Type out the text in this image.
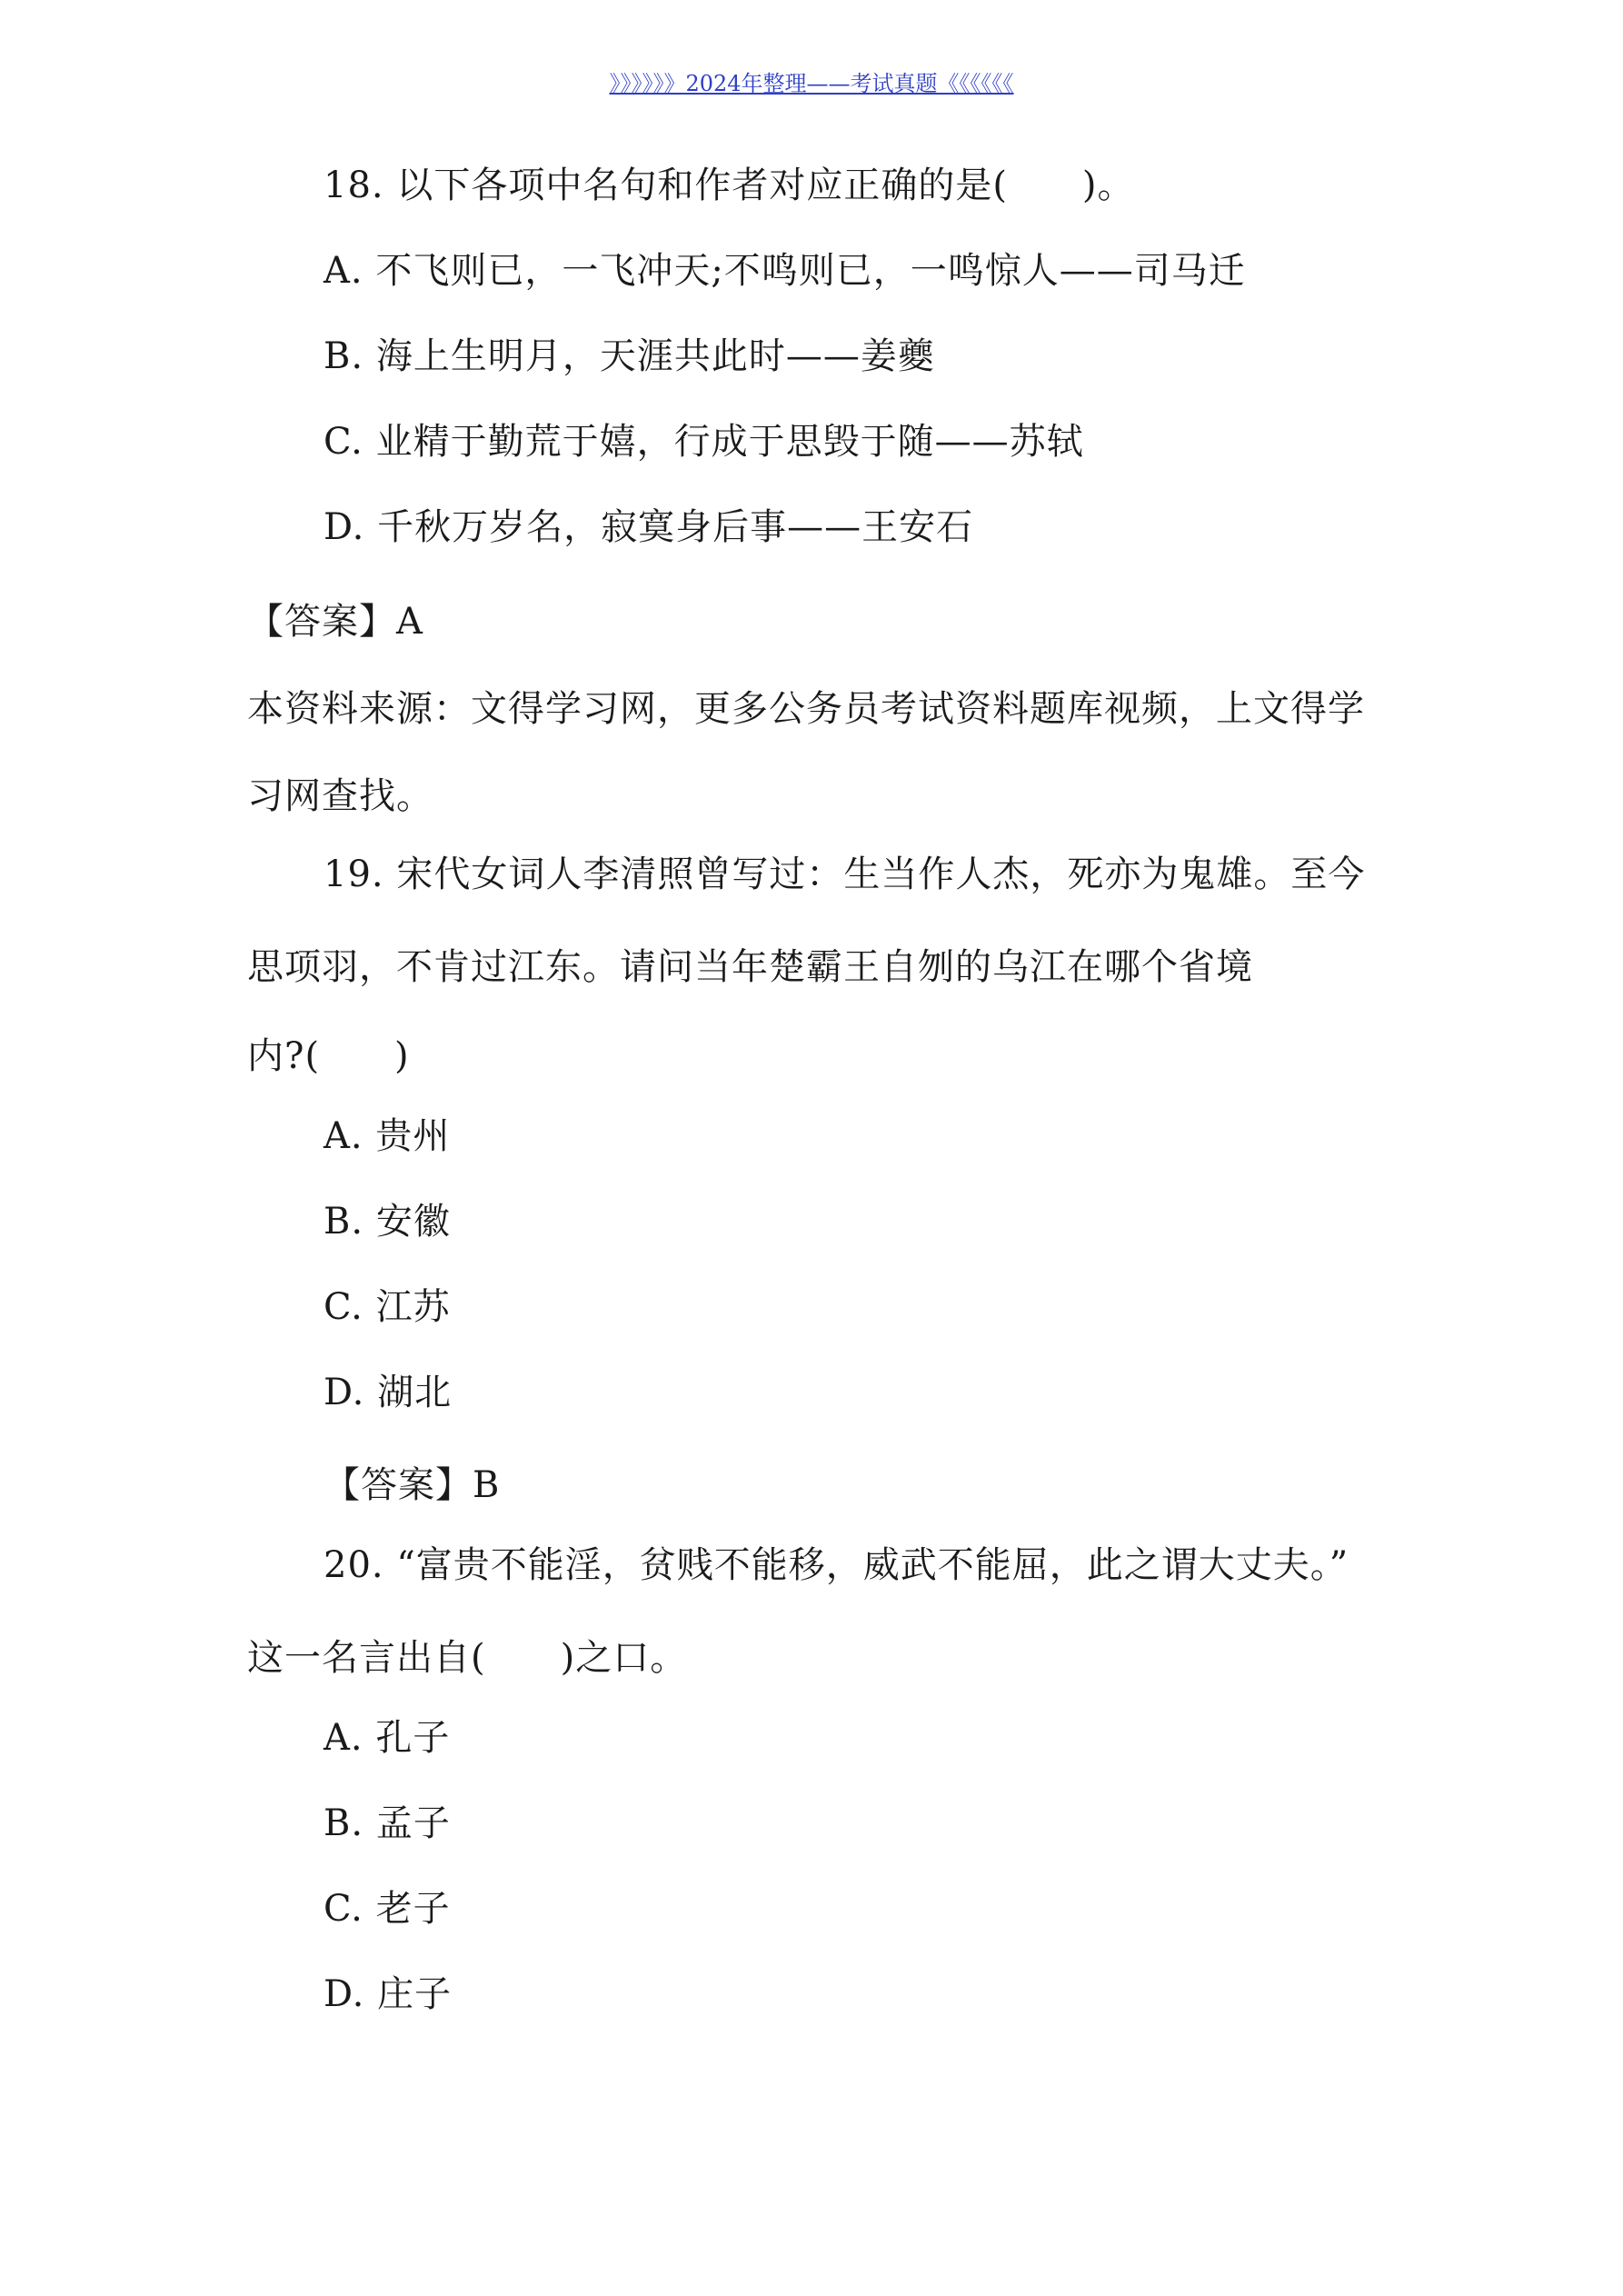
》》》》》》2024年整理——考试真题《《《《《《
18. 以下各项中名句和作者对应正确的是(　　)。
A. 不飞则已，一飞冲天;不鸣则已，一鸣惊人——司马迁
B. 海上生明月，天涯共此时——姜夔
C. 业精于勤荒于嬉，行成于思毁于随——苏轼
D. 千秋万岁名，寂寞身后事——王安石
【答案】A
本资料来源：文得学习网，更多公务员考试资料题库视频，上文得学
习网查找。
19. 宋代女词人李清照曾写过：生当作人杰，死亦为鬼雄。至今
思项羽，不肯过江东。请问当年楚霸王自刎的乌江在哪个省境
内?(　　)
A. 贵州
B. 安徽
C. 江苏
D. 湖北
【答案】B
20. “富贵不能淫，贫贱不能移，威武不能屈，此之谓大丈夫。”
这一名言出自(　　)之口。
A. 孔子
B. 孟子
C. 老子
D. 庄子
